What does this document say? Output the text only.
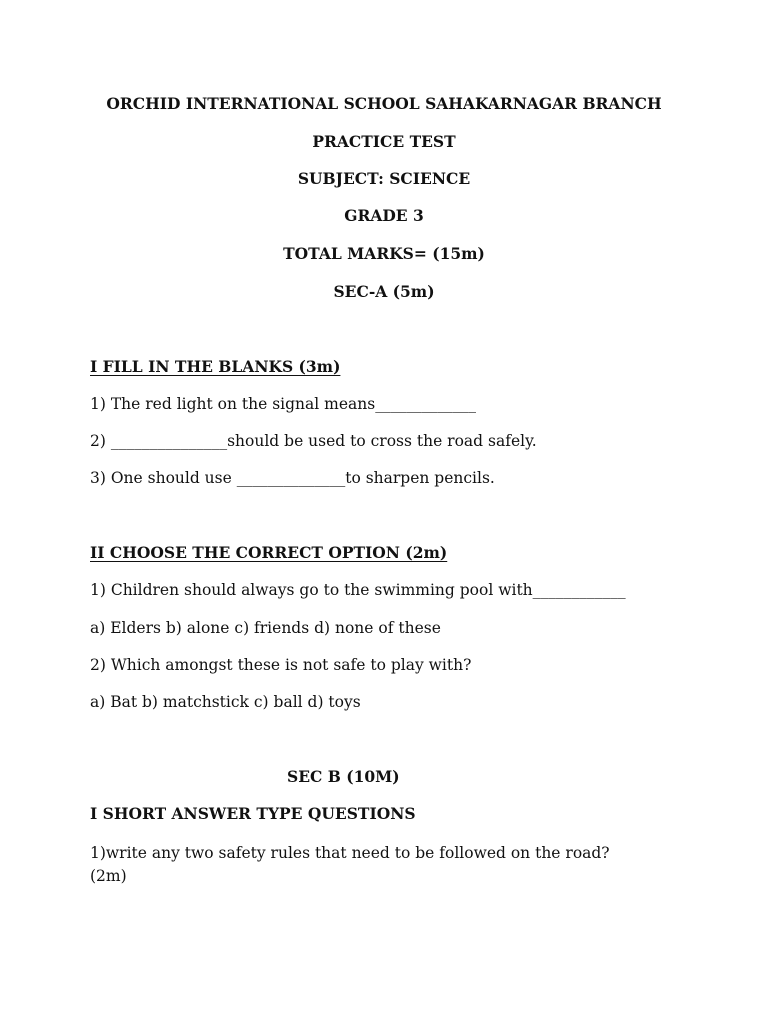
ORCHID INTERNATIONAL SCHOOL SAHAKARNAGAR BRANCH
PRACTICE TEST
SUBJECT: SCIENCE
GRADE 3
TOTAL MARKS= (15m)
SEC-A (5m)
I FILL IN THE BLANKS (3m)
1) The red light on the signal means_____________
2) _______________should be used to cross the road safely.
3) One should use ______________to sharpen pencils.
II CHOOSE THE CORRECT OPTION (2m)
1) Children should always go to the swimming pool with____________
a) Elders b) alone c) friends d) none of these
2) Which amongst these is not safe to play with?
a) Bat b) matchstick c) ball d) toys
SEC B (10M)
I SHORT ANSWER TYPE QUESTIONS
1)write any two safety rules that need to be followed on the road?
(2m)
